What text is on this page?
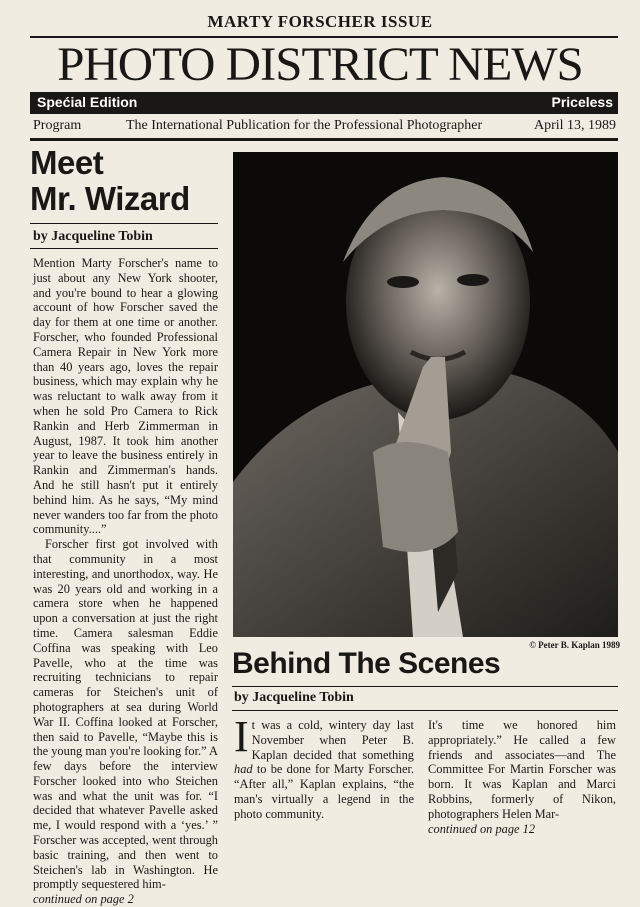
MARTY FORSCHER ISSUE
PHOTO DISTRICT NEWS
Spećial Edition	Priceless
Program	The International Publication for the Professional Photographer	April 13, 1989
Meet
Mr. Wizard
by Jacqueline Tobin

Mention Marty Forscher's name to just about any New York shooter, and you're bound to hear a glowing account of how Forscher saved the day for them at one time or another. Forscher, who founded Professional Camera Repair in New York more than 40 years ago, loves the repair business, which may explain why he was reluctant to walk away from it when he sold Pro Camera to Rick Rankin and Herb Zimmerman in August, 1987. It took him another year to leave the business entirely in Rankin and Zimmerman's hands. And he still hasn't put it entirely behind him. As he says, “My mind never wanders too far from the photo community....”

Forscher first got involved with that community in a most interesting, and unorthodox, way. He was 20 years old and working in a camera store when he happened upon a conversation at just the right time. Camera salesman Eddie Coffina was speaking with Leo Pavelle, who at the time was recruiting technicians to repair cameras for Steichen's unit of photographers at sea during World War II. Coffina looked at Forscher, then said to Pavelle, “Maybe this is the young man you're looking for.” A few days before the interview Forscher looked into who Steichen was and what the unit was for. “I decided that whatever Pavelle asked me, I would respond with a ‘yes.’ ” Forscher was accepted, went through basic training, and then went to Steichen's lab in Washington. He promptly sequestered him-

continued on page 2

© Peter B. Kaplan 1989
Behind The Scenes
by Jacqueline Tobin
I t was a cold, wintery day last November when Peter B. Kaplan decided that something had to be done for Marty Forscher. “After all,” Kaplan explains, “the man's virtually a legend in the photo community.

It's time we honored him appropriately.” He called a few friends and associates—and The Committee For Martin Forscher was born. It was Kaplan and Marci Robbins, formerly of Nikon, photographers Helen Mar-

continued on page 12
